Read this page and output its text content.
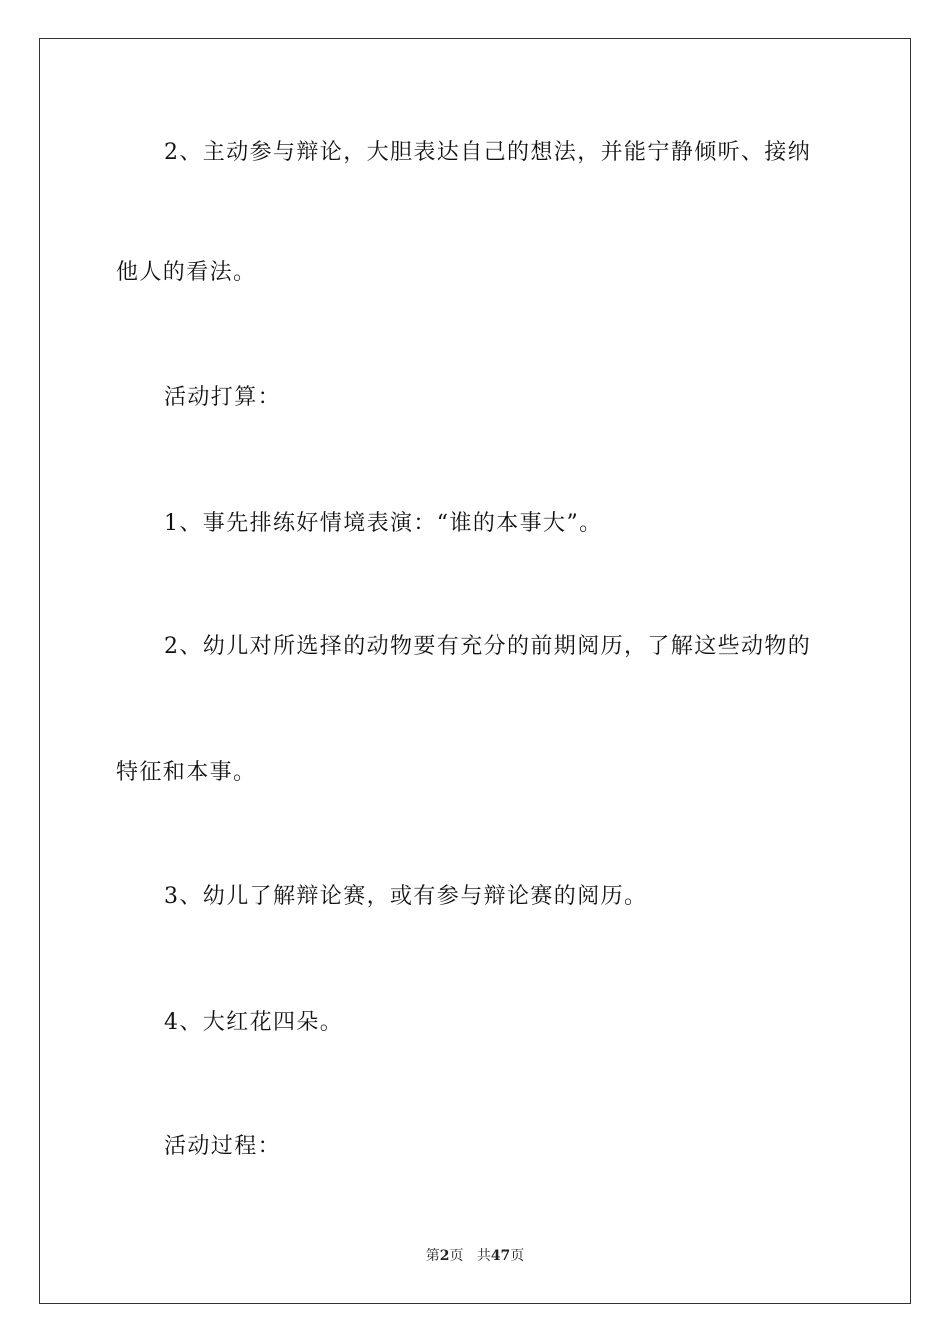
2、主动参与辩论，大胆表达自己的想法，并能宁静倾听、接纳
他人的看法。
活动打算：
1、事先排练好情境表演：“谁的本事大”。
2、幼儿对所选择的动物要有充分的前期阅历，了解这些动物的
特征和本事。
3、幼儿了解辩论赛，或有参与辩论赛的阅历。
4、大红花四朵。
活动过程：
第2页 共47页
